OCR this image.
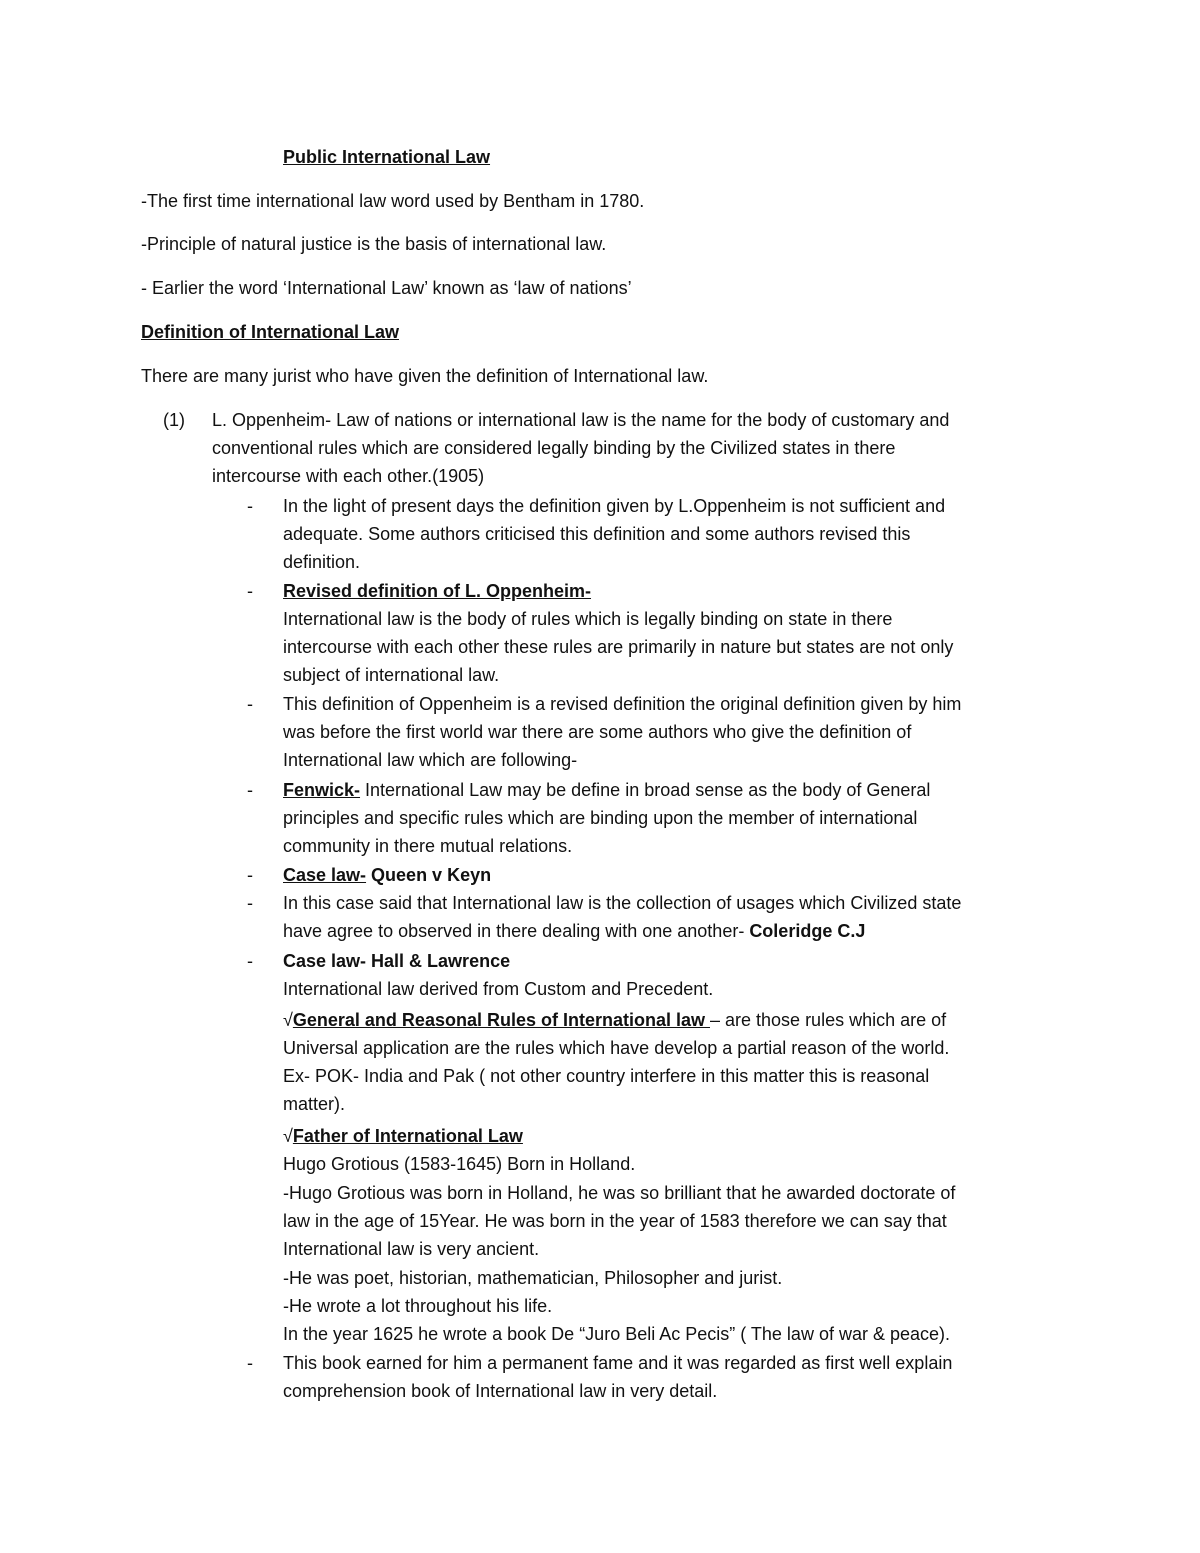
Public International Law
-The first time international law word used by Bentham in 1780.
-Principle of natural justice is the basis of international law.
- Earlier the word ‘International Law’ known as ‘law of nations’
Definition of International Law
There are many jurist who have given the definition of International law.
(1) L. Oppenheim- Law of nations or international law is the name for the body of customary and
conventional rules which are considered legally binding by the Civilized states in there
intercourse with each other.(1905)
- In the light of present days the definition given by L.Oppenheim is not sufficient and
adequate. Some authors criticised this definition and some authors revised this
definition.
- Revised definition of L. Oppenheim-
International law is the body of rules which is legally binding on state in there
intercourse with each other these rules are primarily in nature but states are not only
subject of international law.
- This definition of Oppenheim is a revised definition the original definition given by him
was before the first world war there are some authors who give the definition of
International law which are following-
- Fenwick- International Law may be define in broad sense as the body of General
principles and specific rules which are binding upon the member of international
community in there mutual relations.
- Case law- Queen v Keyn
- In this case said that International law is the collection of usages which Civilized state
have agree to observed in there dealing with one another- Coleridge C.J
- Case law- Hall & Lawrence
International law derived from Custom and Precedent.
√General and Reasonal Rules of International law – are those rules which are of
Universal application are the rules which have develop a partial reason of the world.
Ex- POK- India and Pak ( not other country interfere in this matter this is reasonal
matter).
√Father of International Law
Hugo Grotious (1583-1645) Born in Holland.
-Hugo Grotious was born in Holland, he was so brilliant that he awarded doctorate of
law in the age of 15Year. He was born in the year of 1583 therefore we can say that
International law is very ancient.
-He was poet, historian, mathematician, Philosopher and jurist.
-He wrote a lot throughout his life.
In the year 1625 he wrote a book De “Juro Beli Ac Pecis” ( The law of war & peace).
- This book earned for him a permanent fame and it was regarded as first well explain
comprehension book of International law in very detail.
